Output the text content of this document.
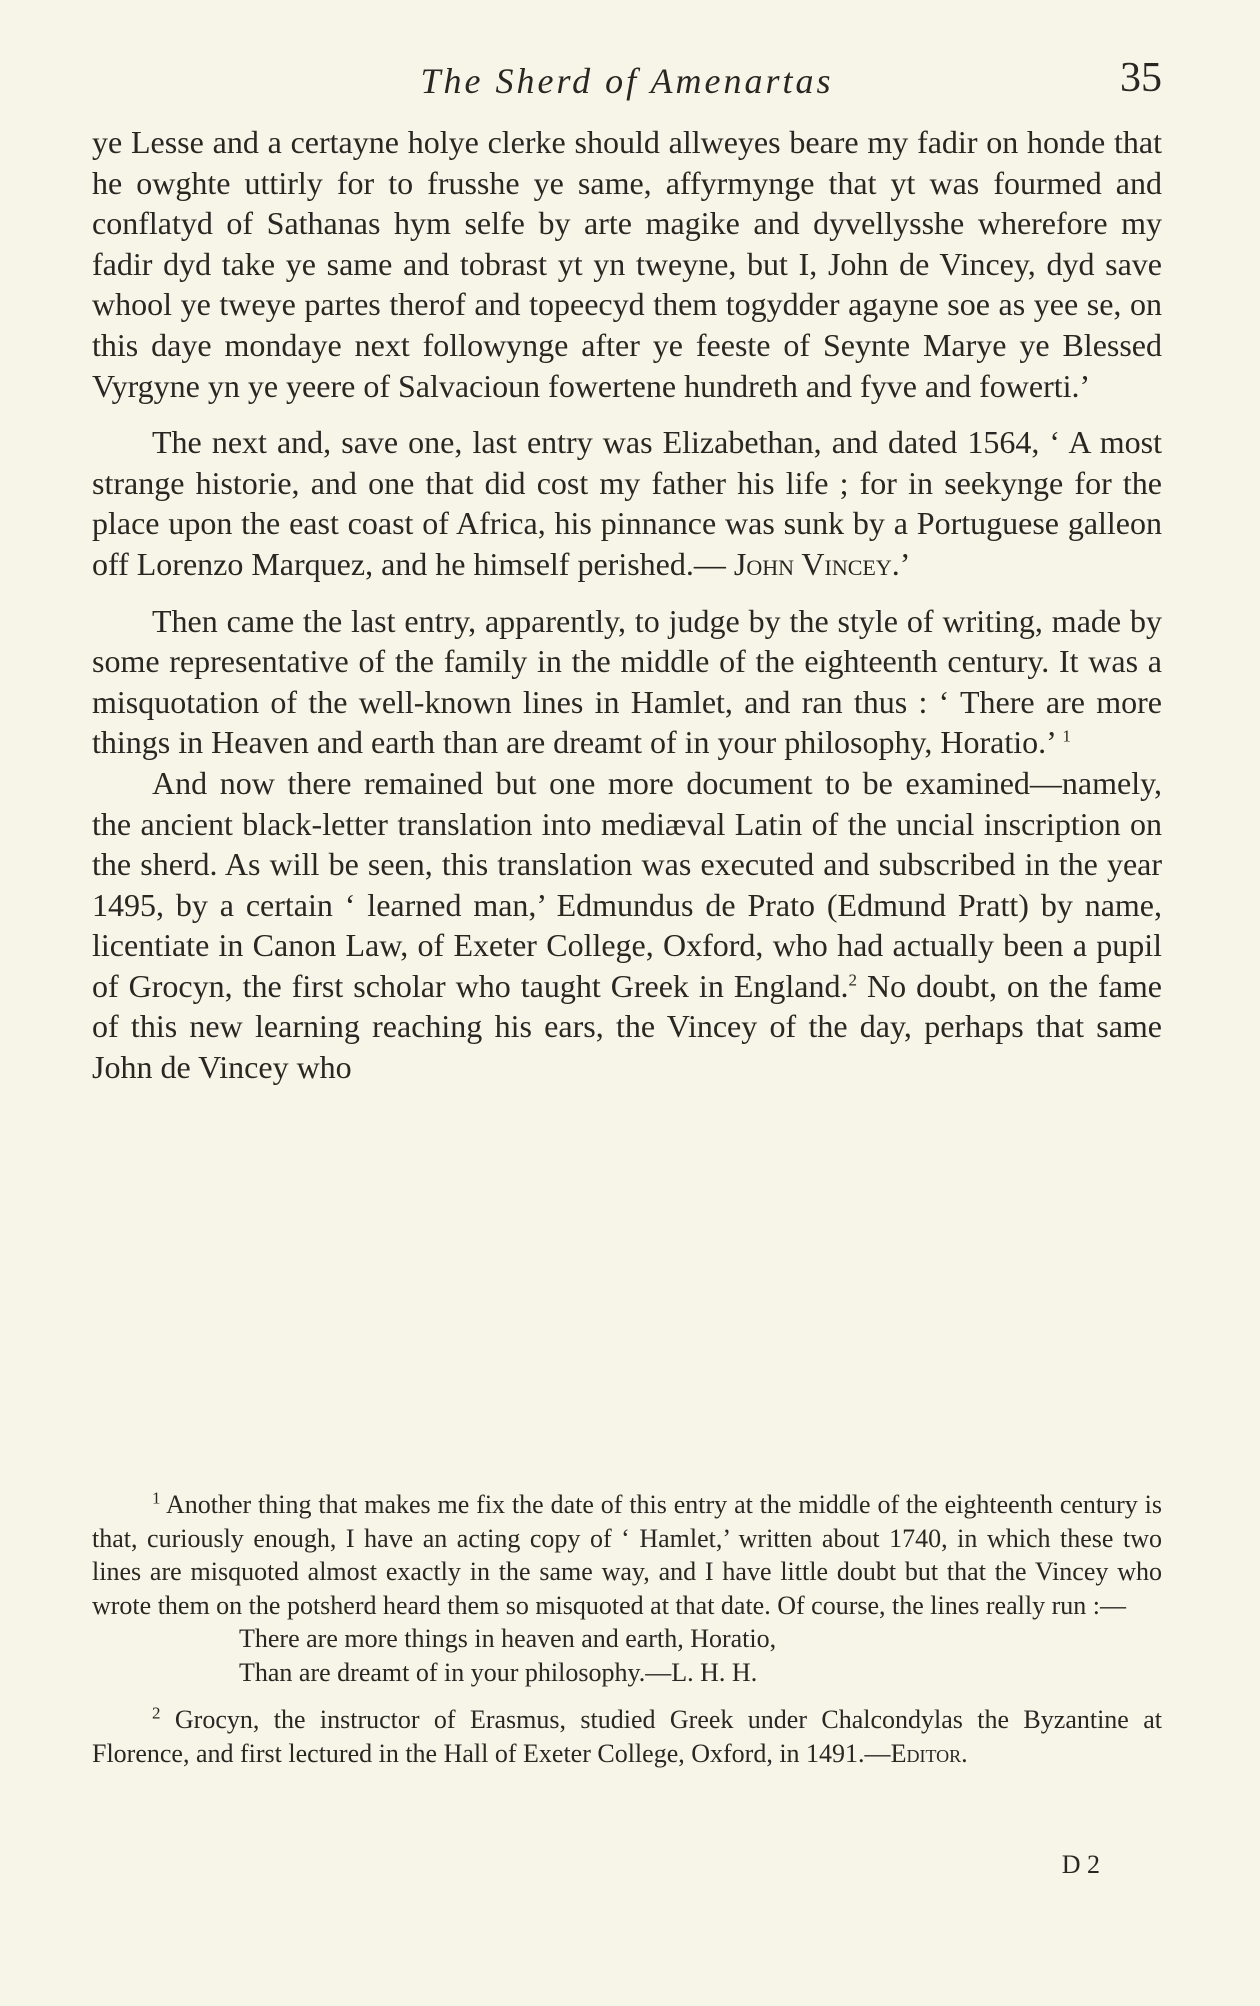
The Sherd of Amenartas	35

ye Lesse and a certayne holye clerke should allweyes beare my fadir on honde that he owghte uttirly for to frusshe ye same, affyrmynge that yt was fourmed and conflatyd of Sathanas hym selfe by arte magike and dyvellysshe wherefore my fadir dyd take ye same and tobrast yt yn tweyne, but I, John de Vincey, dyd save whool ye tweye partes therof and topeecyd them togydder agayne soe as yee se, on this daye mondaye next followynge after ye feeste of Seynte Marye ye Blessed Vyrgyne yn ye yeere of Salvacioun fowertene hundreth and fyve and fowerti.’

The next and, save one, last entry was Elizabethan, and dated 1564, ‘ A most strange historie, and one that did cost my father his life ; for in seekynge for the place upon the east coast of Africa, his pinnance was sunk by a Portuguese galleon off Lorenzo Marquez, and he himself perished.— John Vincey.’

Then came the last entry, apparently, to judge by the style of writing, made by some representative of the family in the middle of the eighteenth century. It was a misquotation of the well-known lines in Hamlet, and ran thus : ‘ There are more things in Heaven and earth than are dreamt of in your philosophy, Horatio.’ $^1$

And now there remained but one more document to be examined—namely, the ancient black-letter translation into mediæval Latin of the uncial inscription on the sherd. As will be seen, this translation was executed and subscribed in the year 1495, by a certain ‘ learned man,’ Edmundus de Prato (Edmund Pratt) by name, licentiate in Canon Law, of Exeter College, Oxford, who had actually been a pupil of Grocyn, the first scholar who taught Greek in England.$^2$ No doubt, on the fame of this new learning reaching his ears, the Vincey of the day, perhaps that same John de Vincey who

$^1$ Another thing that makes me fix the date of this entry at the middle of the eighteenth century is that, curiously enough, I have an acting copy of ‘ Hamlet,’ written about 1740, in which these two lines are misquoted almost exactly in the same way, and I have little doubt but that the Vincey who wrote them on the potsherd heard them so misquoted at that date. Of course, the lines really run :—

There are more things in heaven and earth, Horatio,

Than are dreamt of in your philosophy.—L. H. H.

$^2$ Grocyn, the instructor of Erasmus, studied Greek under Chalcondylas the Byzantine at Florence, and first lectured in the Hall of Exeter College, Oxford, in 1491.—Editor.

D 2
